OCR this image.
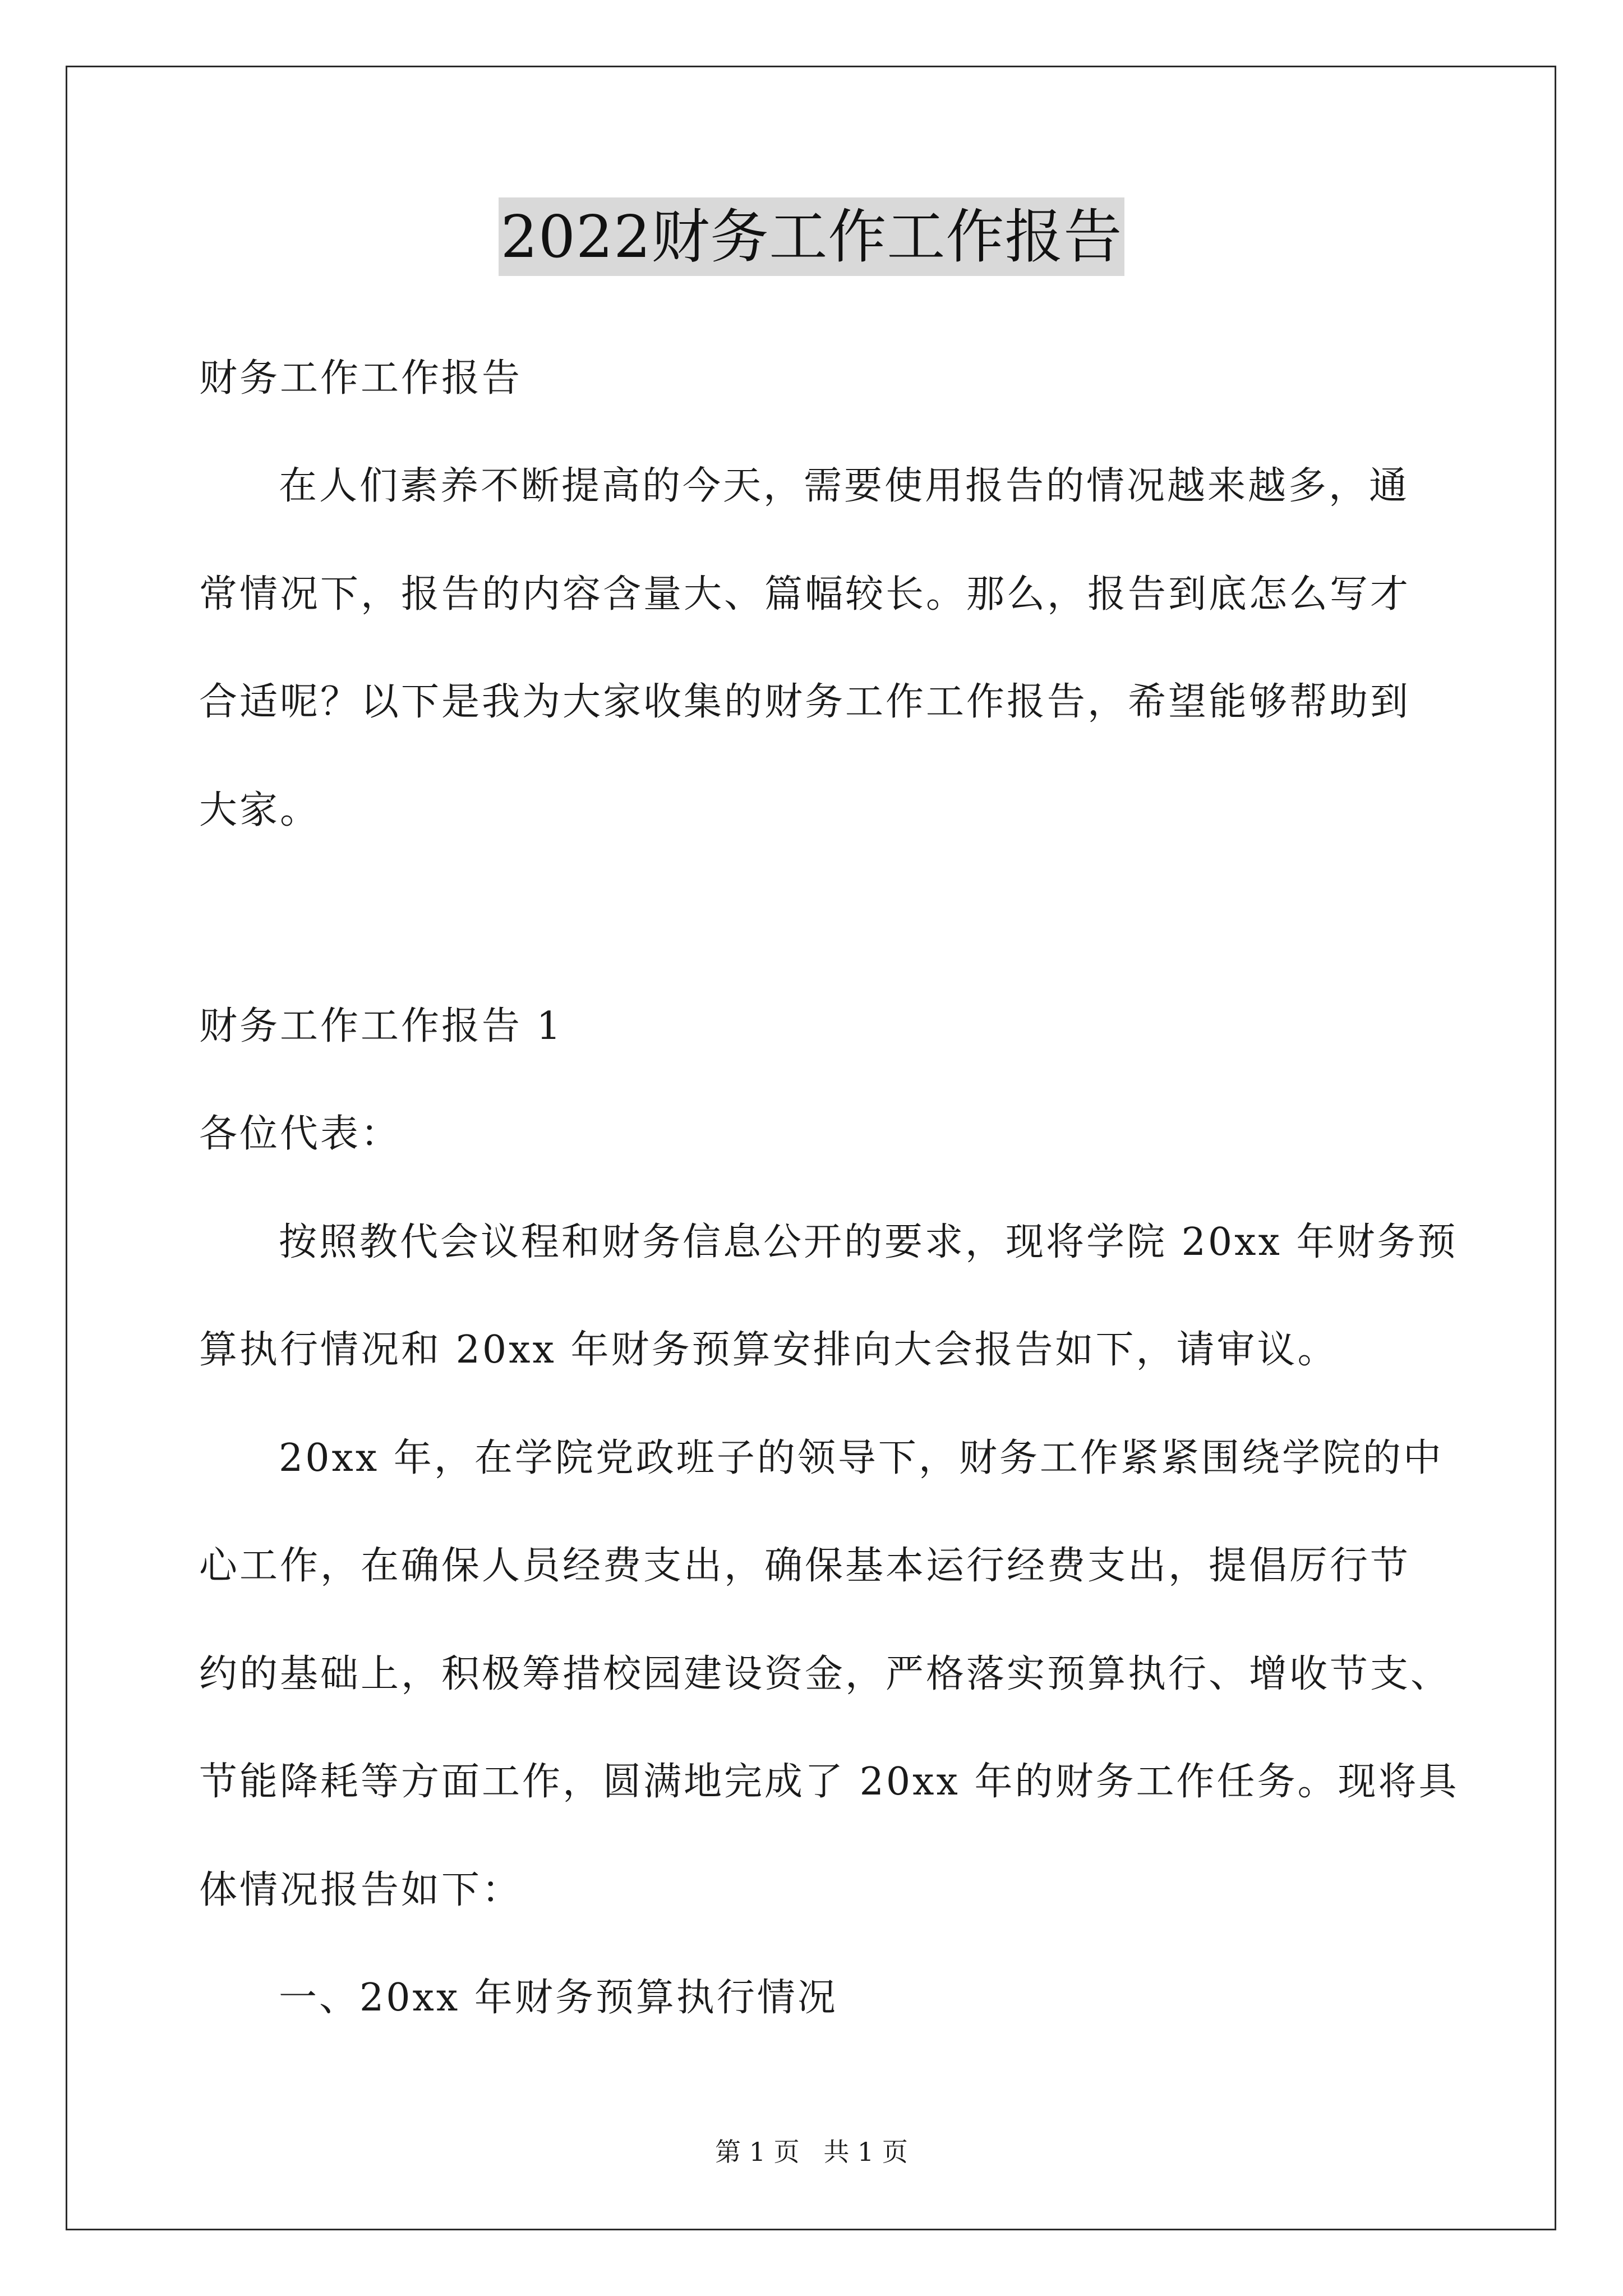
2022财务工作工作报告
财务工作工作报告
在人们素养不断提高的今天，需要使用报告的情况越来越多，通
常情况下，报告的内容含量大、篇幅较长。那么，报告到底怎么写才
合适呢？以下是我为大家收集的财务工作工作报告，希望能够帮助到
大家。
财务工作工作报告 1
各位代表：
按照教代会议程和财务信息公开的要求，现将学院 20xx 年财务预
算执行情况和 20xx 年财务预算安排向大会报告如下，请审议。
20xx 年，在学院党政班子的领导下，财务工作紧紧围绕学院的中
心工作，在确保人员经费支出，确保基本运行经费支出，提倡厉行节
约的基础上，积极筹措校园建设资金，严格落实预算执行、增收节支、
节能降耗等方面工作，圆满地完成了 20xx 年的财务工作任务。现将具
体情况报告如下：
一、20xx 年财务预算执行情况
第 1 页 共 1 页
